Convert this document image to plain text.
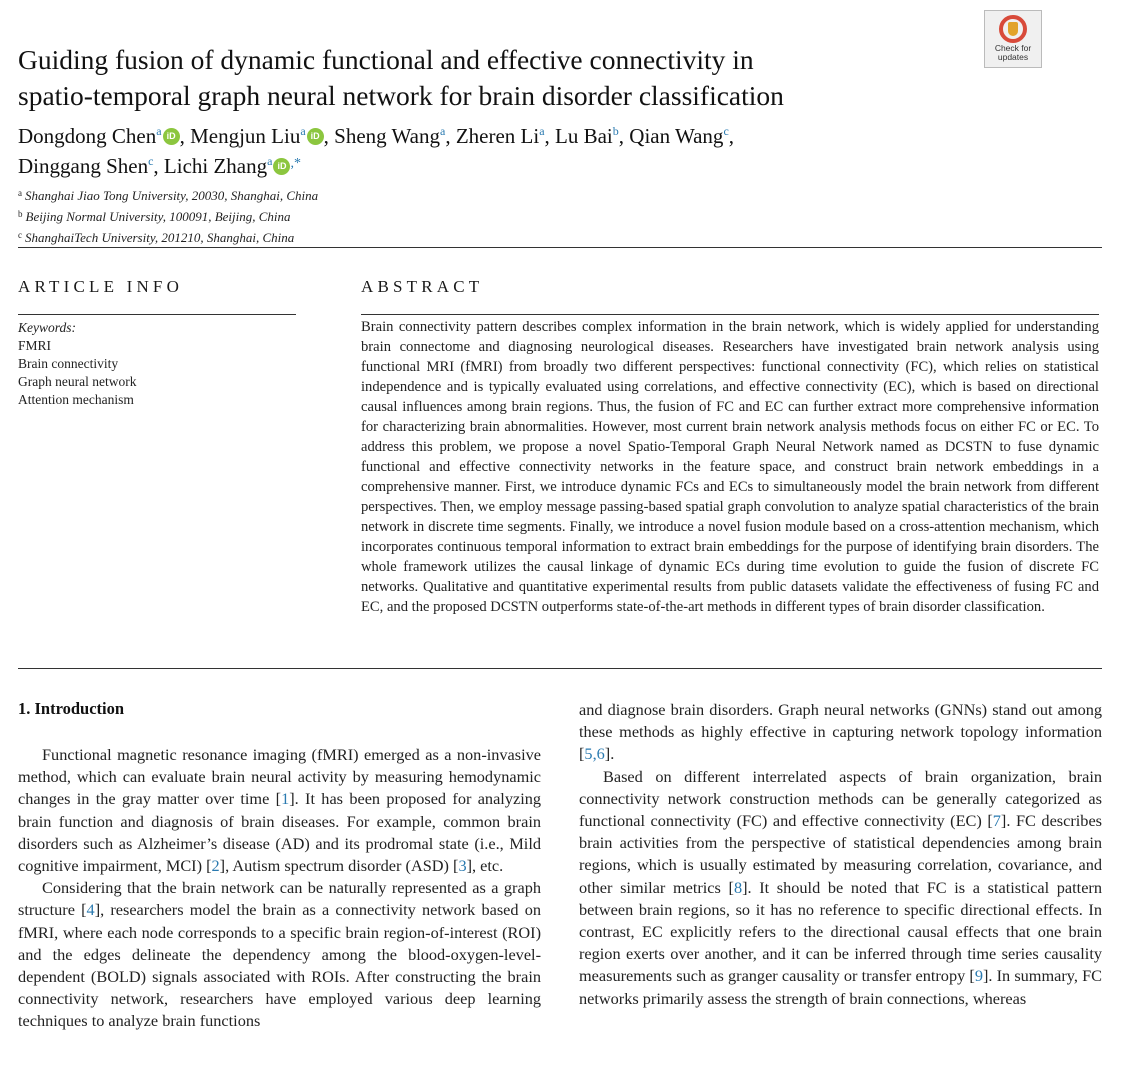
Guiding fusion of dynamic functional and effective connectivity in
spatio-temporal graph neural network for brain disorder classification
Check for
updates
Dongdong Chen$^a$ iD , Mengjun Liu$^a$ iD , Sheng Wang$^a$, Zheren Li$^a$, Lu Bai$^b$, Qian Wang$^c$,
Dinggang Shen$^c$, Lichi Zhang$^a$ iD ,*
$^a$ Shanghai Jiao Tong University, 20030, Shanghai, China
$^b$ Beijing Normal University, 100091, Beijing, China
$^c$ ShanghaiTech University, 201210, Shanghai, China
ARTICLE INFO
Keywords:
FMRI
Brain connectivity
Graph neural network
Attention mechanism
ABSTRACT
Brain connectivity pattern describes complex information in the brain network, which is widely applied for understanding brain connectome and diagnosing neurological diseases. Researchers have investigated brain network analysis using functional MRI (fMRI) from broadly two different perspectives: functional connectivity (FC), which relies on statistical independence and is typically evaluated using correlations, and effective connectivity (EC), which is based on directional causal influences among brain regions. Thus, the fusion of FC and EC can further extract more comprehensive information for characterizing brain abnormalities. However, most current brain network analysis methods focus on either FC or EC. To address this problem, we propose a novel Spatio-Temporal Graph Neural Network named as DCSTN to fuse dynamic functional and effective connectivity networks in the feature space, and construct brain network embeddings in a comprehensive manner. First, we introduce dynamic FCs and ECs to simultaneously model the brain network from different perspectives. Then, we employ message passing-based spatial graph convolution to analyze spatial characteristics of the brain network in discrete time segments. Finally, we introduce a novel fusion module based on a cross-attention mechanism, which incorporates continuous temporal information to extract brain embeddings for the purpose of identifying brain disorders. The whole framework utilizes the causal linkage of dynamic ECs during time evolution to guide the fusion of discrete FC networks. Qualitative and quantitative experimental results from public datasets validate the effectiveness of fusing FC and EC, and the proposed DCSTN outperforms state-of-the-art methods in different types of brain disorder classification.
1. Introduction

Functional magnetic resonance imaging (fMRI) emerged as a non-invasive method, which can evaluate brain neural activity by measuring hemodynamic changes in the gray matter over time [1]. It has been proposed for analyzing brain function and diagnosis of brain diseases. For example, common brain disorders such as Alzheimer’s disease (AD) and its prodromal state (i.e., Mild cognitive impairment, MCI) [2], Autism spectrum disorder (ASD) [3], etc.

Considering that the brain network can be naturally represented as a graph structure [4], researchers model the brain as a connectivity network based on fMRI, where each node corresponds to a specific brain region-of-interest (ROI) and the edges delineate the dependency among the blood-oxygen-level-dependent (BOLD) signals associated with ROIs. After constructing the brain connectivity network, researchers have employed various deep learning techniques to analyze brain functions

and diagnose brain disorders. Graph neural networks (GNNs) stand out among these methods as highly effective in capturing network topology information [5,6].

Based on different interrelated aspects of brain organization, brain connectivity network construction methods can be generally categorized as functional connectivity (FC) and effective connectivity (EC) [7]. FC describes brain activities from the perspective of statistical dependencies among brain regions, which is usually estimated by measuring correlation, covariance, and other similar metrics [8]. It should be noted that FC is a statistical pattern between brain regions, so it has no reference to specific directional effects. In contrast, EC explicitly refers to the directional causal effects that one brain region exerts over another, and it can be inferred through time series causality measurements such as granger causality or transfer entropy [9]. In summary, FC networks primarily assess the strength of brain connections, whereas
